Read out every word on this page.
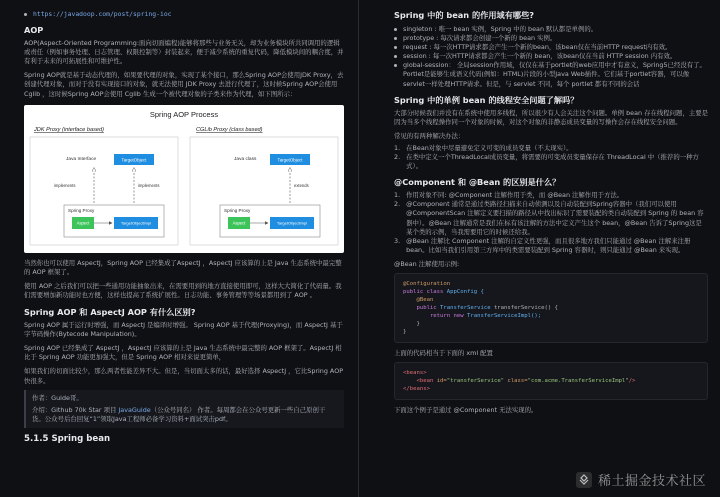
https://javadoop.com/post/spring-ioc
AOP

AOP(Aspect-Oriented Programming:面向切面编程)能够将那些与业务无关，却为业务模块所共同调用的逻辑或责任（例如事务处理、日志管理、权限控制等）封装起来，便于减少系统的重复代码，降低模块间的耦合度，并有利于未来的可拓展性和可维护性。

Spring AOP就是基于动态代理的，如果要代理的对象，实现了某个接口，那么Spring AOP会使用JDK Proxy，去创建代理对象，而对于没有实现接口的对象，就无法使用 JDK Proxy 去进行代理了，这时候Spring AOP会使用Cglib ，这时候Spring AOP会使用 Cglib 生成一个被代理对象的子类来作为代理，如下图所示：

Spring AOP Process
JDK Proxy (interface based)	CGLib Proxy (class based)
Java Interface	TargetObject
implements	implements
Spring Proxy
Aspect	TargetObjectImpl
Java class	TargetObject
extends
Spring Proxy
Aspect	TargetObjectImpl

当然你也可以使用 AspectJ，Spring AOP 已经集成了AspectJ ，AspectJ 应该算的上是 Java 生态系统中最完整的 AOP 框架了。

使用 AOP 之后我们可以把一些通用功能抽象出来，在需要用到的地方直接使用即可，这样大大简化了代码量。我们需要增加新功能时也方便，这样也提高了系统扩展性。日志功能、事务管理等等场景都用到了 AOP 。

Spring AOP 和 AspectJ AOP 有什么区别?

Spring AOP 属于运行时增强，而 AspectJ 是编译时增强。 Spring AOP 基于代理(Proxying)，而 AspectJ 基于字节码操作(Bytecode Manipulation)。

Spring AOP 已经集成了 AspectJ ，AspectJ 应该算的上是 Java 生态系统中最完整的 AOP 框架了。AspectJ 相比于 Spring AOP 功能更加强大，但是 Spring AOP 相对来说更简单，

如果我们的切面比较少，那么两者性能差异不大。但是，当切面太多的话，最好选择 AspectJ ，它比Spring AOP 快很多。

作者：Guide哥。

介绍：Github 70k Star 项目 JavaGuide（公众号同名） 作者。每周都会在公众号更新一些自己原创干货。公众号后台回复“1”领取Java工程师必备学习资料+面试突击pdf。

5.1.5 Spring bean
Spring 中的 bean 的作用域有哪些?
singleton : 唯一 bean 实例，Spring 中的 bean 默认都是单例的。
prototype : 每次请求都会创建一个新的 bean 实例。
request : 每一次HTTP请求都会产生一个新的bean，该bean仅在当前HTTP request内有效。
session : 每一次HTTP请求都会产生一个新的 bean，该bean仅在当前 HTTP session 内有效。
global-session： 全局session作用域，仅仅在基于portlet的web应用中才有意义，Spring5已经没有了。Portlet是能够生成语义代码(例如：HTML)片段的小型Java Web插件。它们基于portlet容器，可以像servlet一样处理HTTP请求。但是，与 servlet 不同，每个 portlet 都有不同的会话
Spring 中的单例 bean 的线程安全问题了解吗？

大部分时候我们并没有在系统中使用多线程，所以很少有人会关注这个问题。单例 bean 存在线程问题，主要是因为当多个线程操作同一个对象的时候，对这个对象的非静态成员变量的写操作会存在线程安全问题。

常见的有两种解决办法：

1. 在Bean对象中尽量避免定义可变的成员变量（不太现实）。
2. 在类中定义一个ThreadLocal成员变量，将需要的可变成员变量保存在 ThreadLocal 中（推荐的一种方式）。
@Component 和 @Bean 的区别是什么？
1. 作用对象不同: @Component 注解作用于类，而 @Bean 注解作用于方法。
2. @Component 通常是通过类路径扫描来自动侦测以及自动装配到Spring容器中（我们可以使用 @ComponentScan 注解定义要扫描的路径从中找出标识了需要装配的类自动装配到 Spring 的 bean 容器中）。@Bean 注解通常是我们在标有该注解的方法中定义产生这个 bean，@Bean 告诉了Spring这是某个类的示例，当我需要用它的时候还给我。
3. @Bean 注解比 Component 注解的自定义性更强，而且很多地方我们只能通过 @Bean 注解来注册bean。比如当我们引用第三方库中的类需要装配到 Spring 容器时，则只能通过 @Bean 来实现。

@Bean 注解使用示例:

@Configuration
public class AppConfig {
@Bean
public TransferService transferService() {
return new TransferServiceImpl();
}
}

上面的代码相当于下面的 xml 配置

<beans>
<bean id="transferService" class="com.acme.TransferServiceImpl"/>
</beans>

下面这个例子是通过 @Component 无法实现的。

稀土掘金技术社区
